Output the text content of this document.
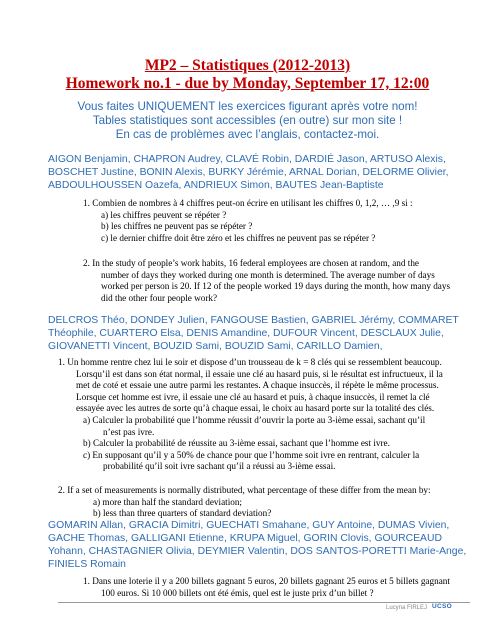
MP2 – Statistiques (2012-2013)
Homework no.1 - due by Monday, September 17, 12:00
Vous faites UNIQUEMENT les exercices figurant après votre nom!
Tables statistiques sont accessibles (en outre) sur mon site !
En cas de problèmes avec l’anglais, contactez-moi.
AIGON Benjamin, CHAPRON Audrey, CLAVÉ Robin, DARDIÉ Jason, ARTUSO Alexis,
BOSCHET Justine, BONIN Alexis, BURKY Jérémie, ARNAL Dorian, DELORME Olivier,
ABDOULHOUSSEN Oazefa, ANDRIEUX Simon, BAUTES Jean-Baptiste

1. Combien de nombres à 4 chiffres peut-on écrire en utilisant les chiffres 0, 1,2, … ,9 si :

a) les chiffres peuvent se répéter ?

b) les chiffres ne peuvent pas se répéter ?

c) le dernier chiffre doit être zéro et les chiffres ne peuvent pas se répéter ?

2. In the study of people’s work habits, 16 federal employees are chosen at random, and the

number of days they worked during one month is determined. The average number of days

worked per person is 20. If 12 of the people worked 19 days during the month, how many days

did the other four people work?

DELCROS Théo, DONDEY Julien, FANGOUSE Bastien, GABRIEL Jérémy, COMMARET
Théophile, CUARTERO Elsa, DENIS Amandine, DUFOUR Vincent, DESCLAUX Julie,
GIOVANETTI Vincent, BOUZID Sami, BOUZID Sami, CARILLO Damien,

1. Un homme rentre chez lui le soir et dispose d’un trousseau de k = 8 clés qui se ressemblent beaucoup.

Lorsqu’il est dans son état normal, il essaie une clé au hasard puis, si le résultat est infructueux, il la

met de coté et essaie une autre parmi les restantes. A chaque insuccès, il répète le même processus.

Lorsque cet homme est ivre, il essaie une clé au hasard et puis, à chaque insuccès, il remet la clé

essayée avec les autres de sorte qu’à chaque essai, le choix au hasard porte sur la totalité des clés.

a) Calculer la probabilité que l’homme réussit d’ouvrir la porte au 3-ième essai, sachant qu’il

n’est pas ivre.

b) Calculer la probabilité de réussite au 3-ième essai, sachant que l’homme est ivre.

c) En supposant qu’il y a 50% de chance pour que l’homme soit ivre en rentrant, calculer la

probabilité qu’il soit ivre sachant qu’il a réussi au 3-ième essai.

2. If a set of measurements is normally distributed, what percentage of these differ from the mean by:

a) more than half the standard deviation;

b) less than three quarters of standard deviation?

GOMARIN Allan, GRACIA Dimitri, GUECHATI Smahane, GUY Antoine, DUMAS Vivien,
GACHE Thomas, GALLIGANI Etienne, KRUPA Miguel, GORIN Clovis, GOURCEAUD
Yohann, CHASTAGNIER Olivia, DEYMIER Valentin, DOS SANTOS-PORETTI Marie-Ange,
FINIELS Romain

1. Dans une loterie il y a 200 billets gagnant 5 euros, 20 billets gagnant 25 euros et 5 billets gagnant

100 euros. Si 10 000 billets ont été émis, quel est le juste prix d’un billet ?

Lucyna FIRLEJ UCSO
